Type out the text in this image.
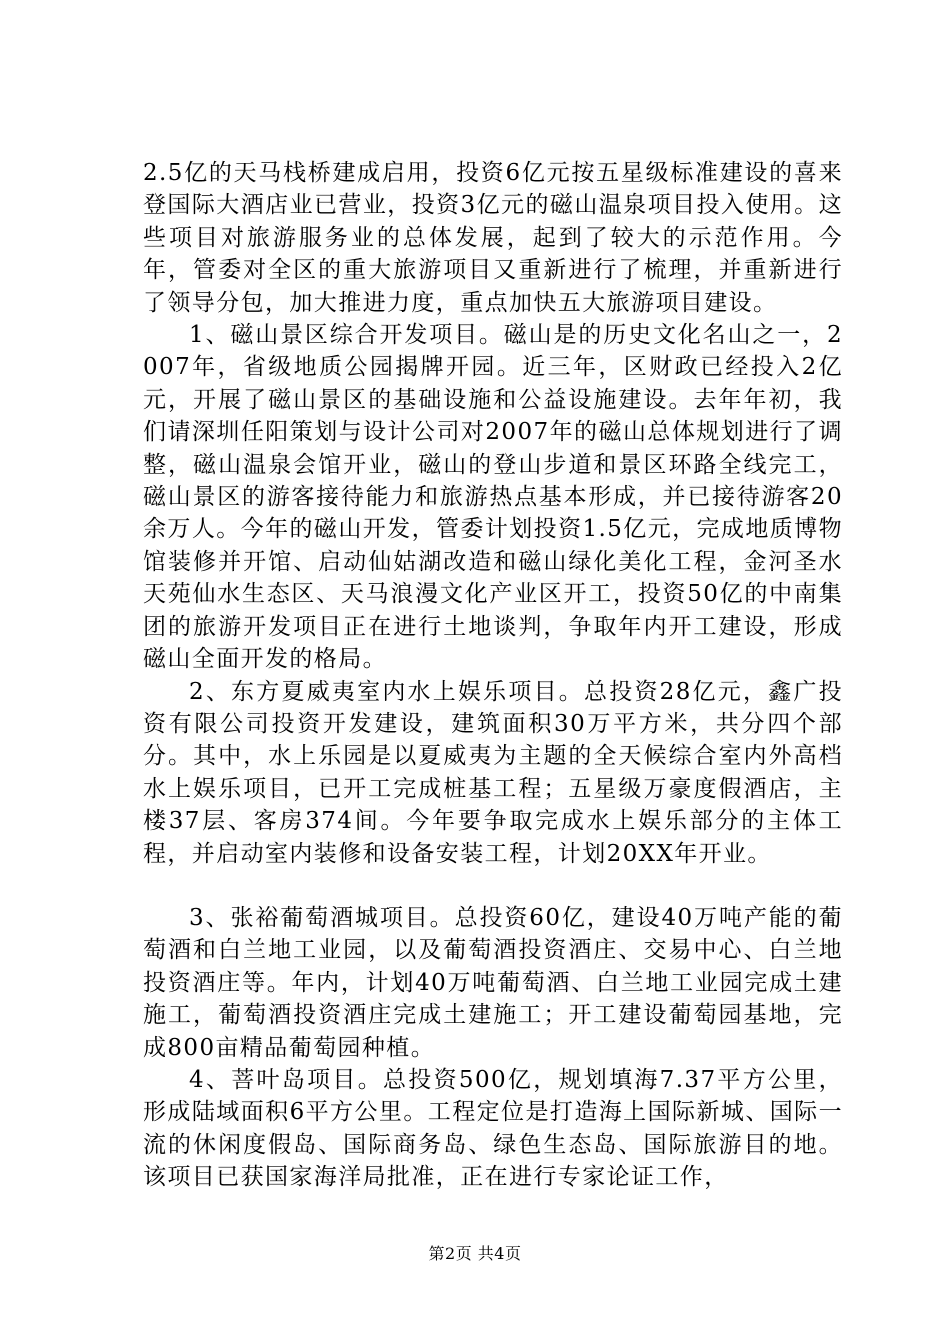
2.5亿的天马栈桥建成启用，投资6亿元按五星级标准建设的喜来登国际大酒店业已营业，投资3亿元的磁山温泉项目投入使用。这些项目对旅游服务业的总体发展，起到了较大的示范作用。今年，管委对全区的重大旅游项目又重新进行了梳理，并重新进行了领导分包，加大推进力度，重点加快五大旅游项目建设。

1、磁山景区综合开发项目。磁山是的历史文化名山之一，2007年，省级地质公园揭牌开园。近三年，区财政已经投入2亿元，开展了磁山景区的基础设施和公益设施建设。去年年初，我们请深圳任阳策划与设计公司对2007年的磁山总体规划进行了调整，磁山温泉会馆开业，磁山的登山步道和景区环路全线完工，磁山景区的游客接待能力和旅游热点基本形成，并已接待游客20余万人。今年的磁山开发，管委计划投资1.5亿元，完成地质博物馆装修并开馆、启动仙姑湖改造和磁山绿化美化工程，金河圣水天苑仙水生态区、天马浪漫文化产业区开工，投资50亿的中南集团的旅游开发项目正在进行土地谈判，争取年内开工建设，形成磁山全面开发的格局。

2、东方夏威夷室内水上娱乐项目。总投资28亿元，鑫广投资有限公司投资开发建设，建筑面积30万平方米，共分四个部分。其中，水上乐园是以夏威夷为主题的全天候综合室内外高档水上娱乐项目，已开工完成桩基工程；五星级万豪度假酒店，主楼37层、客房374间。今年要争取完成水上娱乐部分的主体工程，并启动室内装修和设备安装工程，计划20XX年开业。

3、张裕葡萄酒城项目。总投资60亿，建设40万吨产能的葡萄酒和白兰地工业园，以及葡萄酒投资酒庄、交易中心、白兰地投资酒庄等。年内，计划40万吨葡萄酒、白兰地工业园完成土建施工，葡萄酒投资酒庄完成土建施工；开工建设葡萄园基地，完成800亩精品葡萄园种植。

4、菩叶岛项目。总投资500亿，规划填海7.37平方公里，形成陆域面积6平方公里。工程定位是打造海上国际新城、国际一流的休闲度假岛、国际商务岛、绿色生态岛、国际旅游目的地。该项目已获国家海洋局批准，正在进行专家论证工作，

第2页 共4页
